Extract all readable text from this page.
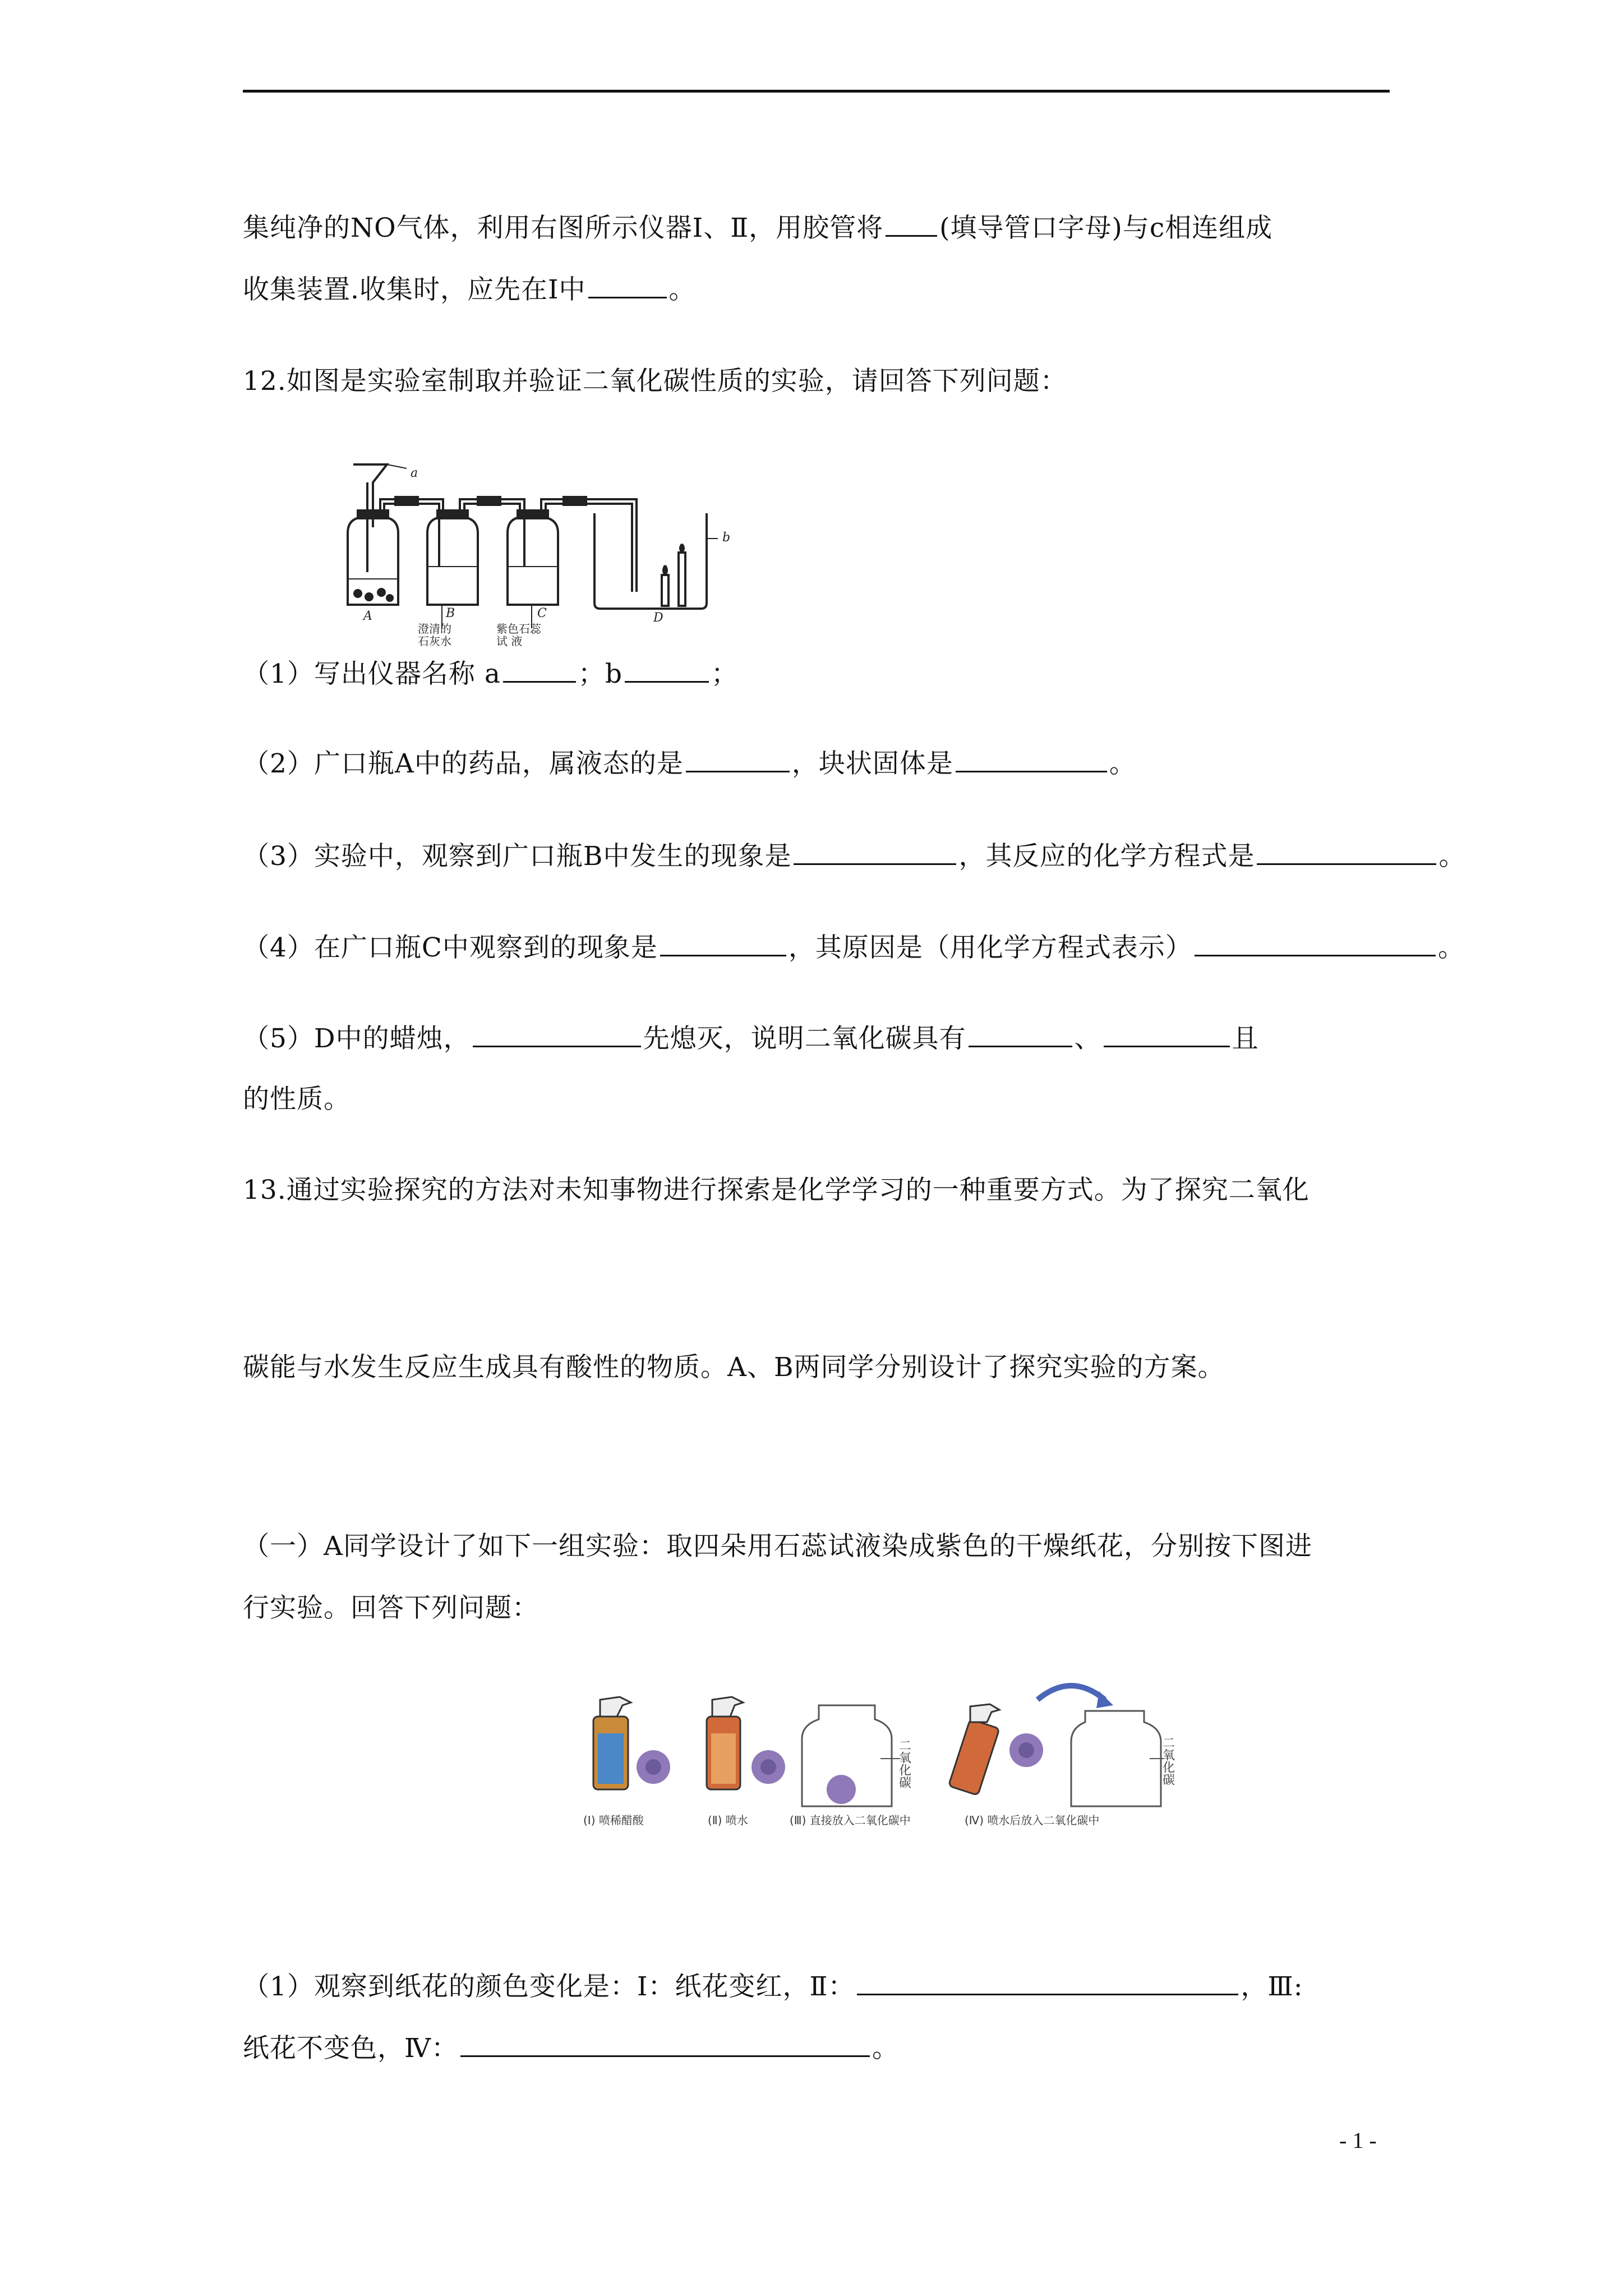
集纯净的NO气体，利用右图所示仪器Ⅰ、Ⅱ，用胶管将 (填导管口字母)与c相连组成
收集装置.收集时，应先在Ⅰ中	。
12.如图是实验室制取并验证二氧化碳性质的实验，请回答下列问题：
a
b
A	B	C	D
澄清的
石灰水
紫色石蕊
试 液
（1）写出仪器名称 a	；b	；
（2）广口瓶A中的药品，属液态的是	，块状固体是	。
（3）实验中，观察到广口瓶B中发生的现象是	，其反应的化学方程式是	。
（4）在广口瓶C中观察到的现象是	，其原因是（用化学方程式表示）	。
（5）D中的蜡烛，	先熄灭，说明二氧化碳具有	、	且
的性质。
13.通过实验探究的方法对未知事物进行探索是化学学习的一种重要方式。为了探究二氧化
碳能与水发生反应生成具有酸性的物质。A、B两同学分别设计了探究实验的方案。
（一）A同学设计了如下一组实验：取四朵用石蕊试液染成紫色的干燥纸花，分别按下图进
行实验。回答下列问题：
二氧化碳	二氧化碳
(Ⅰ) 喷稀醋酸	(Ⅱ) 喷水	(Ⅲ) 直接放入二氧化碳中	(Ⅳ) 喷水后放入二氧化碳中
（1）观察到纸花的颜色变化是：Ⅰ：纸花变红，Ⅱ：	，Ⅲ:
纸花不变色，Ⅳ：	。
- 1 -
